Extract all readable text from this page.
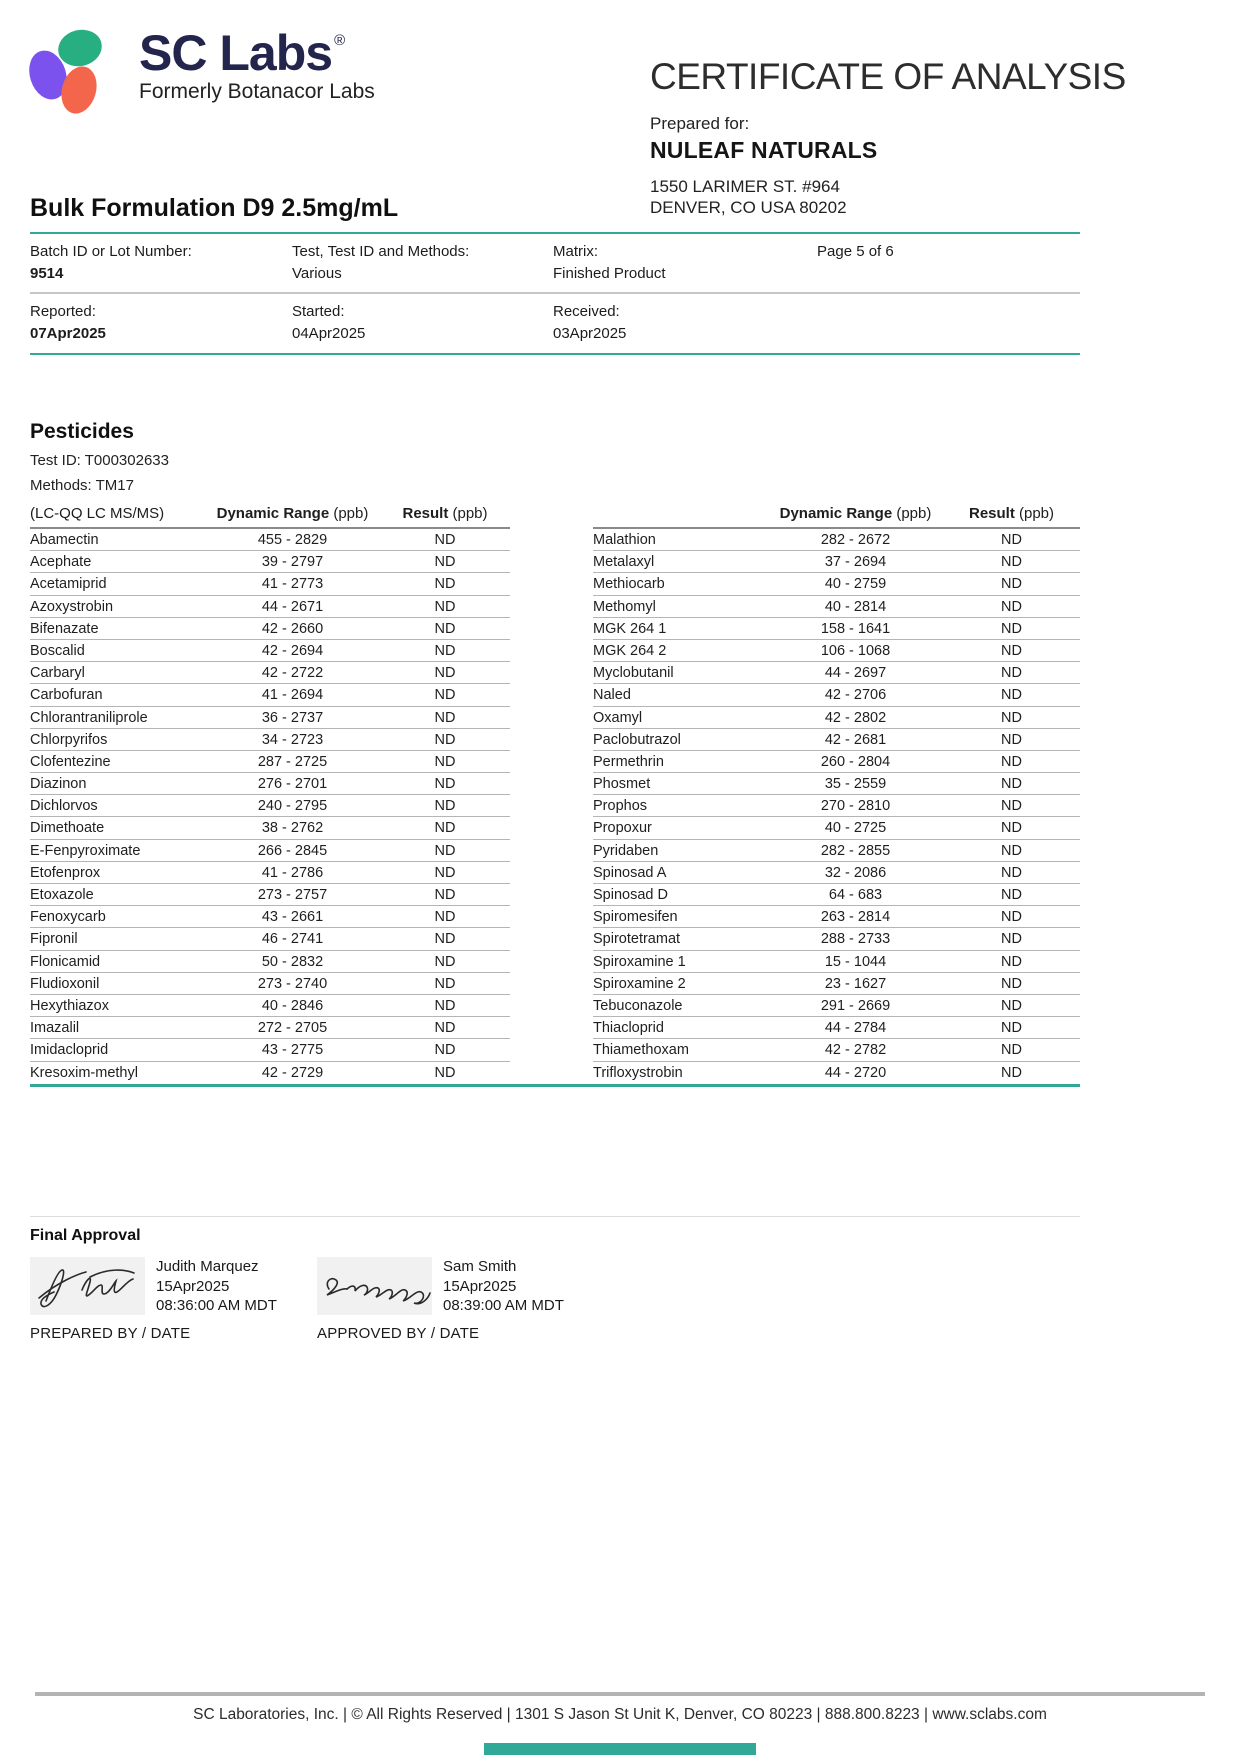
SC Labs ®
Formerly Botanacor Labs	CERTIFICATE OF ANALYSIS
Prepared for:
NULEAF NATURALS
1550 LARIMER ST. #964
DENVER, CO USA 80202
Bulk Formulation D9 2.5mg/mL
Batch ID or Lot Number:
9514
Test, Test ID and Methods:
Various
Matrix:
Finished Product
Page 5 of 6
Reported:
07Apr2025
Started:
04Apr2025
Received:
03Apr2025
Pesticides
Test ID: T000302633
Methods: TM17
(LC-QQ LC MS/MS)	Dynamic Range (ppb)	Result (ppb)
Abamectin	455 - 2829	ND
Acephate	39 - 2797	ND
Acetamiprid	41 - 2773	ND
Azoxystrobin	44 - 2671	ND
Bifenazate	42 - 2660	ND
Boscalid	42 - 2694	ND
Carbaryl	42 - 2722	ND
Carbofuran	41 - 2694	ND
Chlorantraniliprole	36 - 2737	ND
Chlorpyrifos	34 - 2723	ND
Clofentezine	287 - 2725	ND
Diazinon	276 - 2701	ND
Dichlorvos	240 - 2795	ND
Dimethoate	38 - 2762	ND
E-Fenpyroximate	266 - 2845	ND
Etofenprox	41 - 2786	ND
Etoxazole	273 - 2757	ND
Fenoxycarb	43 - 2661	ND
Fipronil	46 - 2741	ND
Flonicamid	50 - 2832	ND
Fludioxonil	273 - 2740	ND
Hexythiazox	40 - 2846	ND
Imazalil	272 - 2705	ND
Imidacloprid	43 - 2775	ND
Kresoxim-methyl	42 - 2729	ND
Dynamic Range (ppb)	Result (ppb)
Malathion	282 - 2672	ND
Metalaxyl	37 - 2694	ND
Methiocarb	40 - 2759	ND
Methomyl	40 - 2814	ND
MGK 264 1	158 - 1641	ND
MGK 264 2	106 - 1068	ND
Myclobutanil	44 - 2697	ND
Naled	42 - 2706	ND
Oxamyl	42 - 2802	ND
Paclobutrazol	42 - 2681	ND
Permethrin	260 - 2804	ND
Phosmet	35 - 2559	ND
Prophos	270 - 2810	ND
Propoxur	40 - 2725	ND
Pyridaben	282 - 2855	ND
Spinosad A	32 - 2086	ND
Spinosad D	64 - 683	ND
Spiromesifen	263 - 2814	ND
Spirotetramat	288 - 2733	ND
Spiroxamine 1	15 - 1044	ND
Spiroxamine 2	23 - 1627	ND
Tebuconazole	291 - 2669	ND
Thiacloprid	44 - 2784	ND
Thiamethoxam	42 - 2782	ND
Trifloxystrobin	44 - 2720	ND
Final Approval
Judith Marquez
15Apr2025
08:36:00 AM MDT
PREPARED BY / DATE
Sam Smith
15Apr2025
08:39:00 AM MDT
APPROVED BY / DATE
SC Laboratories, Inc. | © All Rights Reserved | 1301 S Jason St Unit K, Denver, CO 80223 | 888.800.8223 | www.sclabs.com
